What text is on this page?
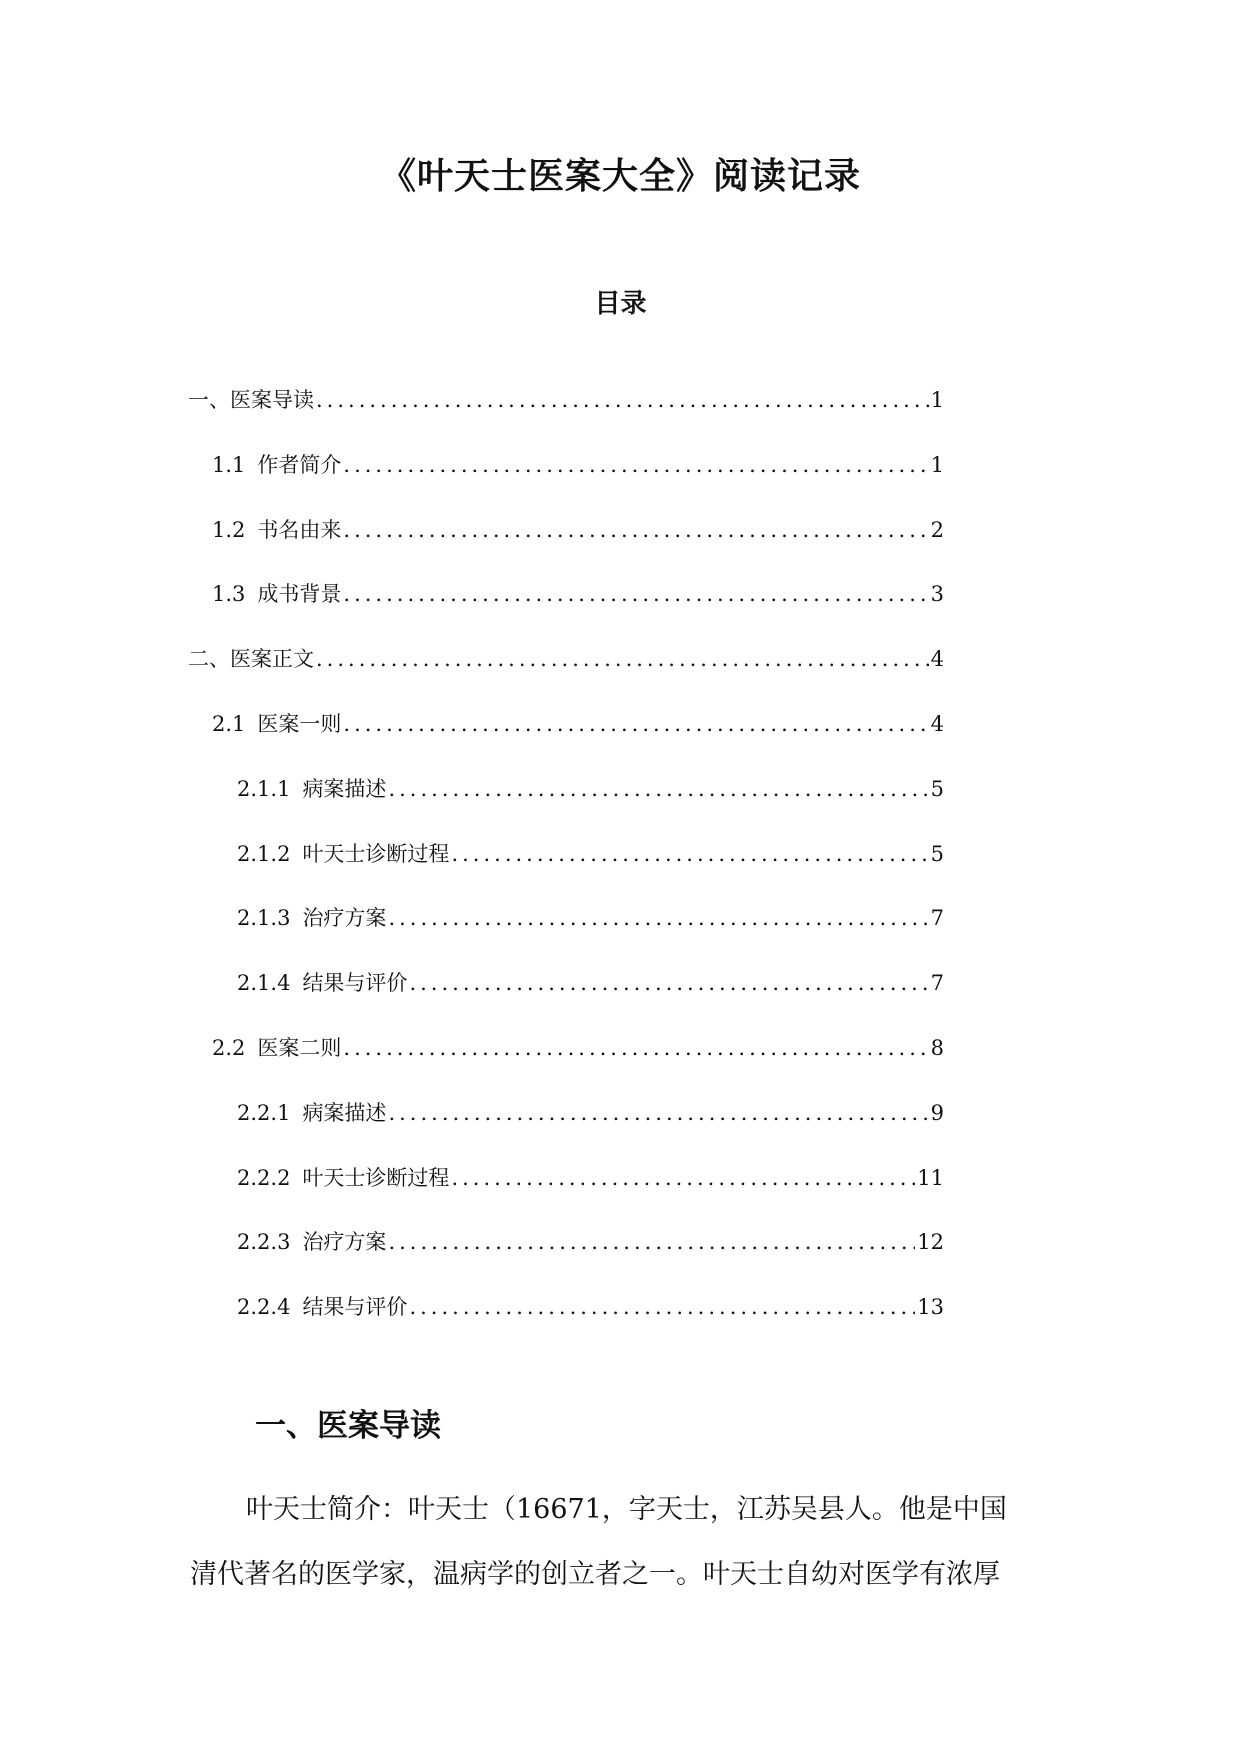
《叶天士医案大全》阅读记录
目录
一、 医案导读 .....	1
1.1 作者简介 .....	1
1.2 书名由来 .....	2
1.3 成书背景 .....	3
二、 医案正文 .....	4
2.1 医案一则 .....	4
2.1.1 病案描述 .....	5
2.1.2 叶天士诊断过程 .....	5
2.1.3 治疗方案 .....	7
2.1.4 结果与评价 .....	7
2.2 医案二则 .....	8
2.2.1 病案描述 .....	9
2.2.2 叶天士诊断过程 .....	11
2.2.3 治疗方案 .....	12
2.2.4 结果与评价 .....	13
一、医案导读
叶天士简介：叶天士（16671，字天士，江苏吴县人。他是中国
清代著名的医学家，温病学的创立者之一。叶天士自幼对医学有浓厚
